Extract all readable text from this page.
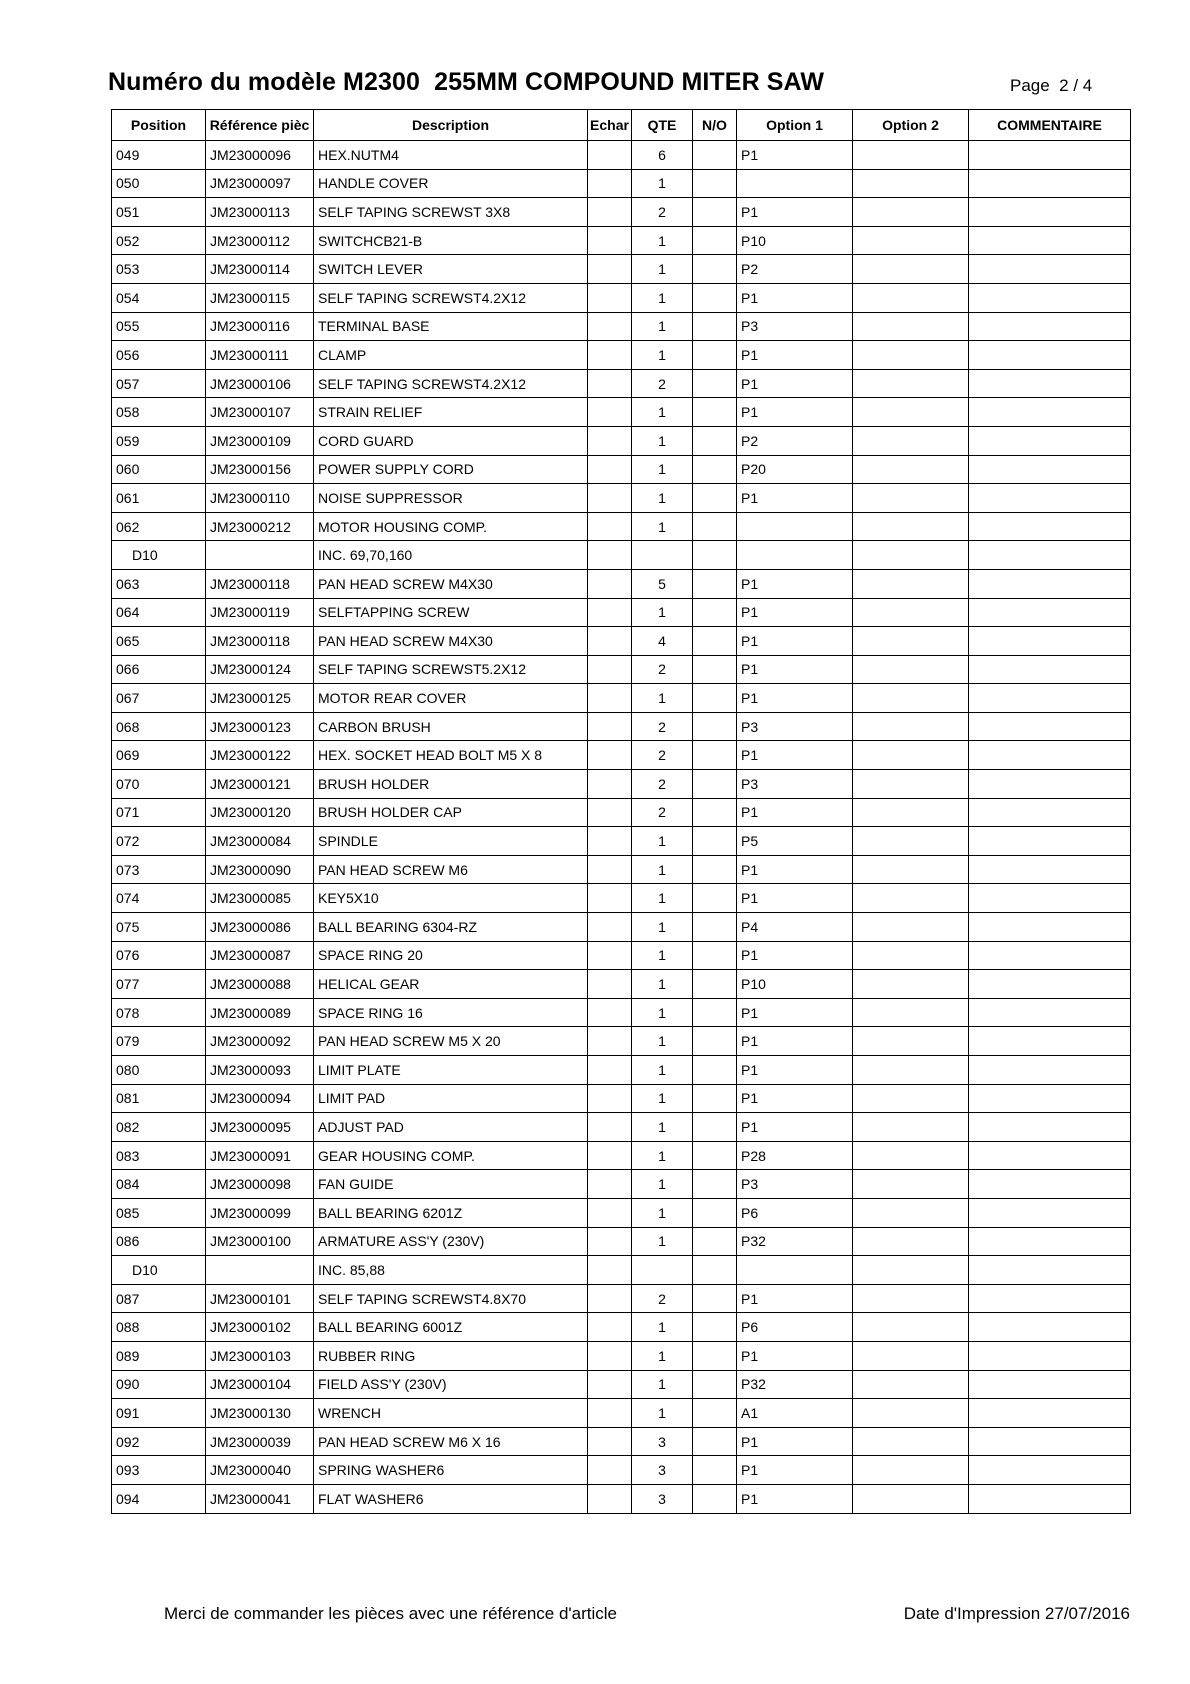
Numéro du modèle M2300  255MM COMPOUND MITER SAW	Page  2 / 4
Position	Référence pièc	Description	Echar	QTE	N/O	Option 1	Option 2	COMMENTAIRE
049	JM23000096	HEX.NUTM4		6		P1		
050	JM23000097	HANDLE COVER		1				
051	JM23000113	SELF TAPING SCREWST 3X8		2		P1		
052	JM23000112	SWITCHCB21-B		1		P10		
053	JM23000114	SWITCH LEVER		1		P2		
054	JM23000115	SELF TAPING SCREWST4.2X12		1		P1		
055	JM23000116	TERMINAL BASE		1		P3		
056	JM23000111	CLAMP		1		P1		
057	JM23000106	SELF TAPING SCREWST4.2X12		2		P1		
058	JM23000107	STRAIN RELIEF		1		P1		
059	JM23000109	CORD GUARD		1		P2		
060	JM23000156	POWER SUPPLY CORD		1		P20		
061	JM23000110	NOISE SUPPRESSOR		1		P1		
062	JM23000212	MOTOR HOUSING COMP.		1				
D10		INC. 69,70,160						
063	JM23000118	PAN HEAD SCREW M4X30		5		P1		
064	JM23000119	SELFTAPPING SCREW		1		P1		
065	JM23000118	PAN HEAD SCREW M4X30		4		P1		
066	JM23000124	SELF TAPING SCREWST5.2X12		2		P1		
067	JM23000125	MOTOR REAR COVER		1		P1		
068	JM23000123	CARBON BRUSH		2		P3		
069	JM23000122	HEX. SOCKET HEAD BOLT M5 X 8		2		P1		
070	JM23000121	BRUSH HOLDER		2		P3		
071	JM23000120	BRUSH HOLDER CAP		2		P1		
072	JM23000084	SPINDLE		1		P5		
073	JM23000090	PAN HEAD SCREW M6		1		P1		
074	JM23000085	KEY5X10		1		P1		
075	JM23000086	BALL BEARING 6304-RZ		1		P4		
076	JM23000087	SPACE RING 20		1		P1		
077	JM23000088	HELICAL GEAR		1		P10		
078	JM23000089	SPACE RING 16		1		P1		
079	JM23000092	PAN HEAD SCREW M5 X 20		1		P1		
080	JM23000093	LIMIT PLATE		1		P1		
081	JM23000094	LIMIT PAD		1		P1		
082	JM23000095	ADJUST PAD		1		P1		
083	JM23000091	GEAR HOUSING COMP.		1		P28		
084	JM23000098	FAN GUIDE		1		P3		
085	JM23000099	BALL BEARING 6201Z		1		P6		
086	JM23000100	ARMATURE ASS'Y (230V)		1		P32		
D10		INC. 85,88						
087	JM23000101	SELF TAPING SCREWST4.8X70		2		P1		
088	JM23000102	BALL BEARING 6001Z		1		P6		
089	JM23000103	RUBBER RING		1		P1		
090	JM23000104	FIELD ASS'Y (230V)		1		P32		
091	JM23000130	WRENCH		1		A1		
092	JM23000039	PAN HEAD SCREW M6 X 16		3		P1		
093	JM23000040	SPRING WASHER6		3		P1		
094	JM23000041	FLAT WASHER6		3		P1		
Merci de commander les pièces avec une référence d'article	Date d'Impression 27/07/2016
